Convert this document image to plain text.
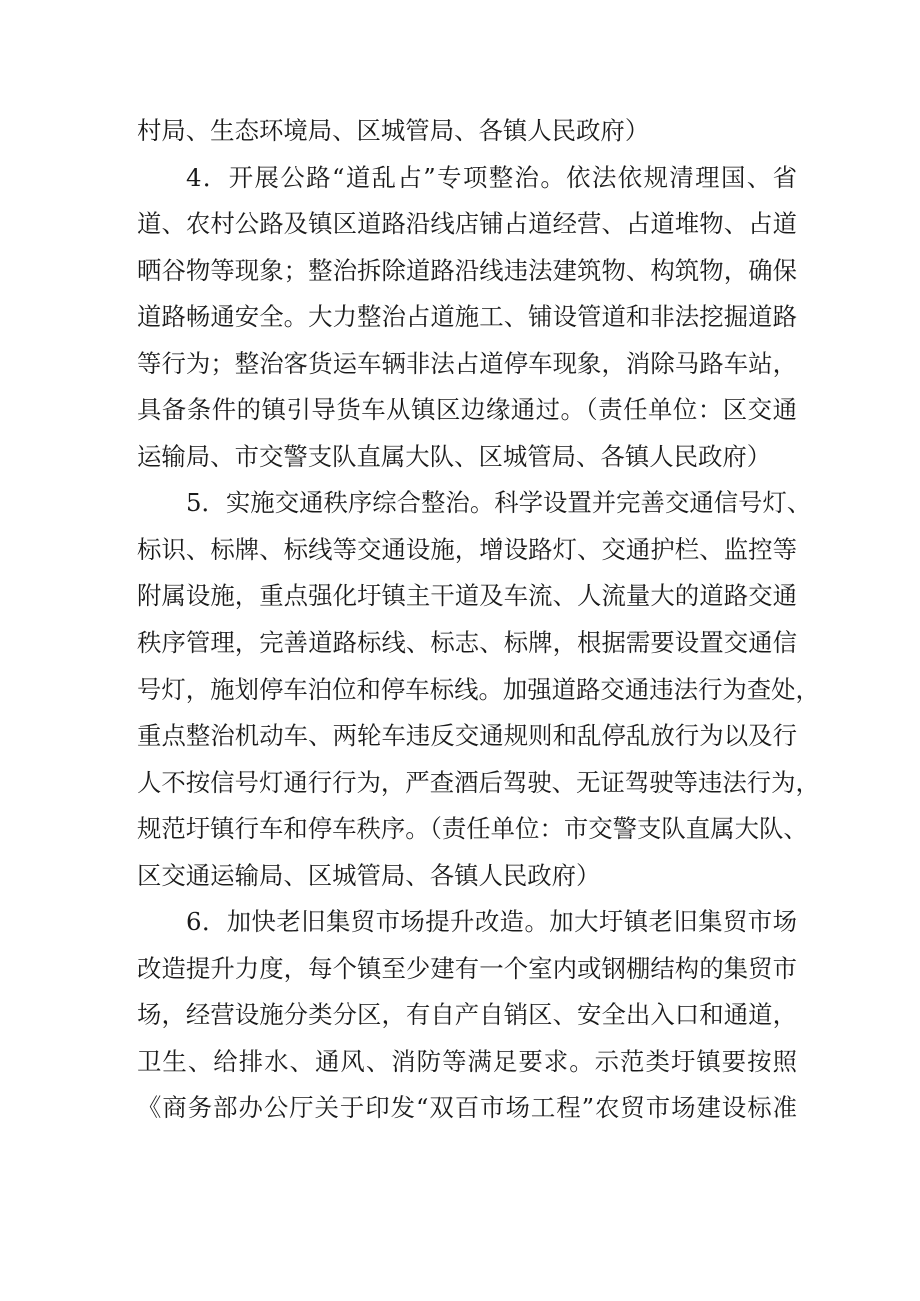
村局、生态环境局、区城管局、各镇人民政府）
4．开展公路“道乱占”专项整治。依法依规清理国、省
道、农村公路及镇区道路沿线店铺占道经营、占道堆物、占道
晒谷物等现象；整治拆除道路沿线违法建筑物、构筑物，确保
道路畅通安全。大力整治占道施工、铺设管道和非法挖掘道路
等行为；整治客货运车辆非法占道停车现象，消除马路车站，
具备条件的镇引导货车从镇区边缘通过。（责任单位：区交通
运输局、市交警支队直属大队、区城管局、各镇人民政府）
5．实施交通秩序综合整治。科学设置并完善交通信号灯、
标识、标牌、标线等交通设施，增设路灯、交通护栏、监控等
附属设施，重点强化圩镇主干道及车流、人流量大的道路交通
秩序管理，完善道路标线、标志、标牌，根据需要设置交通信
号灯，施划停车泊位和停车标线。加强道路交通违法行为查处，
重点整治机动车、两轮车违反交通规则和乱停乱放行为以及行
人不按信号灯通行行为，严查酒后驾驶、无证驾驶等违法行为，
规范圩镇行车和停车秩序。（责任单位：市交警支队直属大队、
区交通运输局、区城管局、各镇人民政府）
6．加快老旧集贸市场提升改造。加大圩镇老旧集贸市场
改造提升力度，每个镇至少建有一个室内或钢棚结构的集贸市
场，经营设施分类分区，有自产自销区、安全出入口和通道，
卫生、给排水、通风、消防等满足要求。示范类圩镇要按照
《商务部办公厅关于印发“双百市场工程”农贸市场建设标准
